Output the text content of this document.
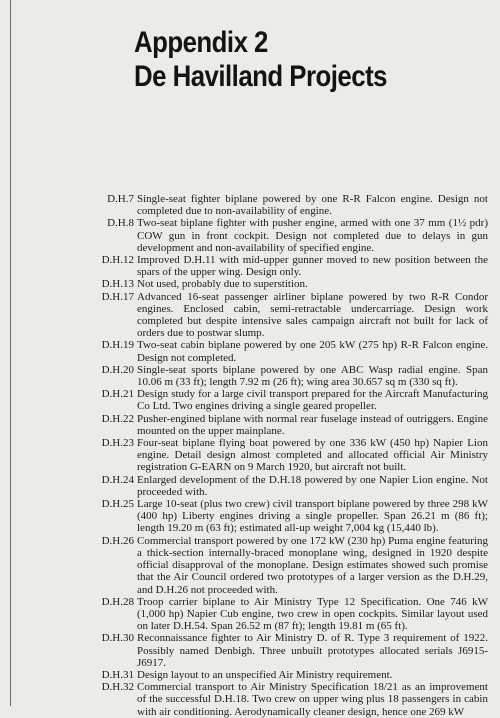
Appendix 2
De Havilland Projects
D.H.7 Single-seat fighter biplane powered by one R-R Falcon engine. Design not completed due to non-availability of engine.
D.H.8 Two-seat biplane fighter with pusher engine, armed with one 37 mm (1½ pdr) COW gun in front cockpit. Design not completed due to delays in gun development and non-availability of specified engine.
D.H.12 Improved D.H.11 with mid-upper gunner moved to new position between the spars of the upper wing. Design only.
D.H.13 Not used, probably due to superstition.
D.H.17 Advanced 16-seat passenger airliner biplane powered by two R-R Condor engines. Enclosed cabin, semi-retractable undercarriage. Design work completed but despite intensive sales campaign aircraft not built for lack of orders due to postwar slump.
D.H.19 Two-seat cabin biplane powered by one 205 kW (275 hp) R-R Falcon engine. Design not completed.
D.H.20 Single-seat sports biplane powered by one ABC Wasp radial engine. Span 10.06 m (33 ft); length 7.92 m (26 ft); wing area 30.657 sq m (330 sq ft).
D.H.21 Design study for a large civil transport prepared for the Aircraft Manufacturing Co Ltd. Two engines driving a single geared propeller.
D.H.22 Pusher-engined biplane with normal rear fuselage instead of outriggers. Engine mounted on the upper mainplane.
D.H.23 Four-seat biplane flying boat powered by one 336 kW (450 hp) Napier Lion engine. Detail design almost completed and allocated official Air Ministry registration G-EARN on 9 March 1920, but aircraft not built.
D.H.24 Enlarged development of the D.H.18 powered by one Napier Lion engine. Not proceeded with.
D.H.25 Large 10-seat (plus two crew) civil transport biplane powered by three 298 kW (400 hp) Liberty engines driving a single propeller. Span 26.21 m (86 ft); length 19.20 m (63 ft); estimated all-up weight 7,004 kg (15,440 lb).
D.H.26 Commercial transport powered by one 172 kW (230 hp) Puma engine featuring a thick-section internally-braced monoplane wing, designed in 1920 despite official disapproval of the monoplane. Design estimates showed such promise that the Air Council ordered two prototypes of a larger version as the D.H.29, and D.H.26 not proceeded with.
D.H.28 Troop carrier biplane to Air Ministry Type 12 Specification. One 746 kW (1,000 hp) Napier Cub engine, two crew in open cockpits. Similar layout used on later D.H.54. Span 26.52 m (87 ft); length 19.81 m (65 ft).
D.H.30 Reconnaissance fighter to Air Ministry D. of R. Type 3 requirement of 1922. Possibly named Denbigh. Three unbuilt prototypes allocated serials J6915-J6917.
D.H.31 Design layout to an unspecified Air Ministry requirement.
D.H.32 Commercial transport to Air Ministry Specification 18/21 as an improvement of the successful D.H.18. Two crew on upper wing plus 18 passengers in cabin with air conditioning. Aerodynamically cleaner design, hence one 269 kW
